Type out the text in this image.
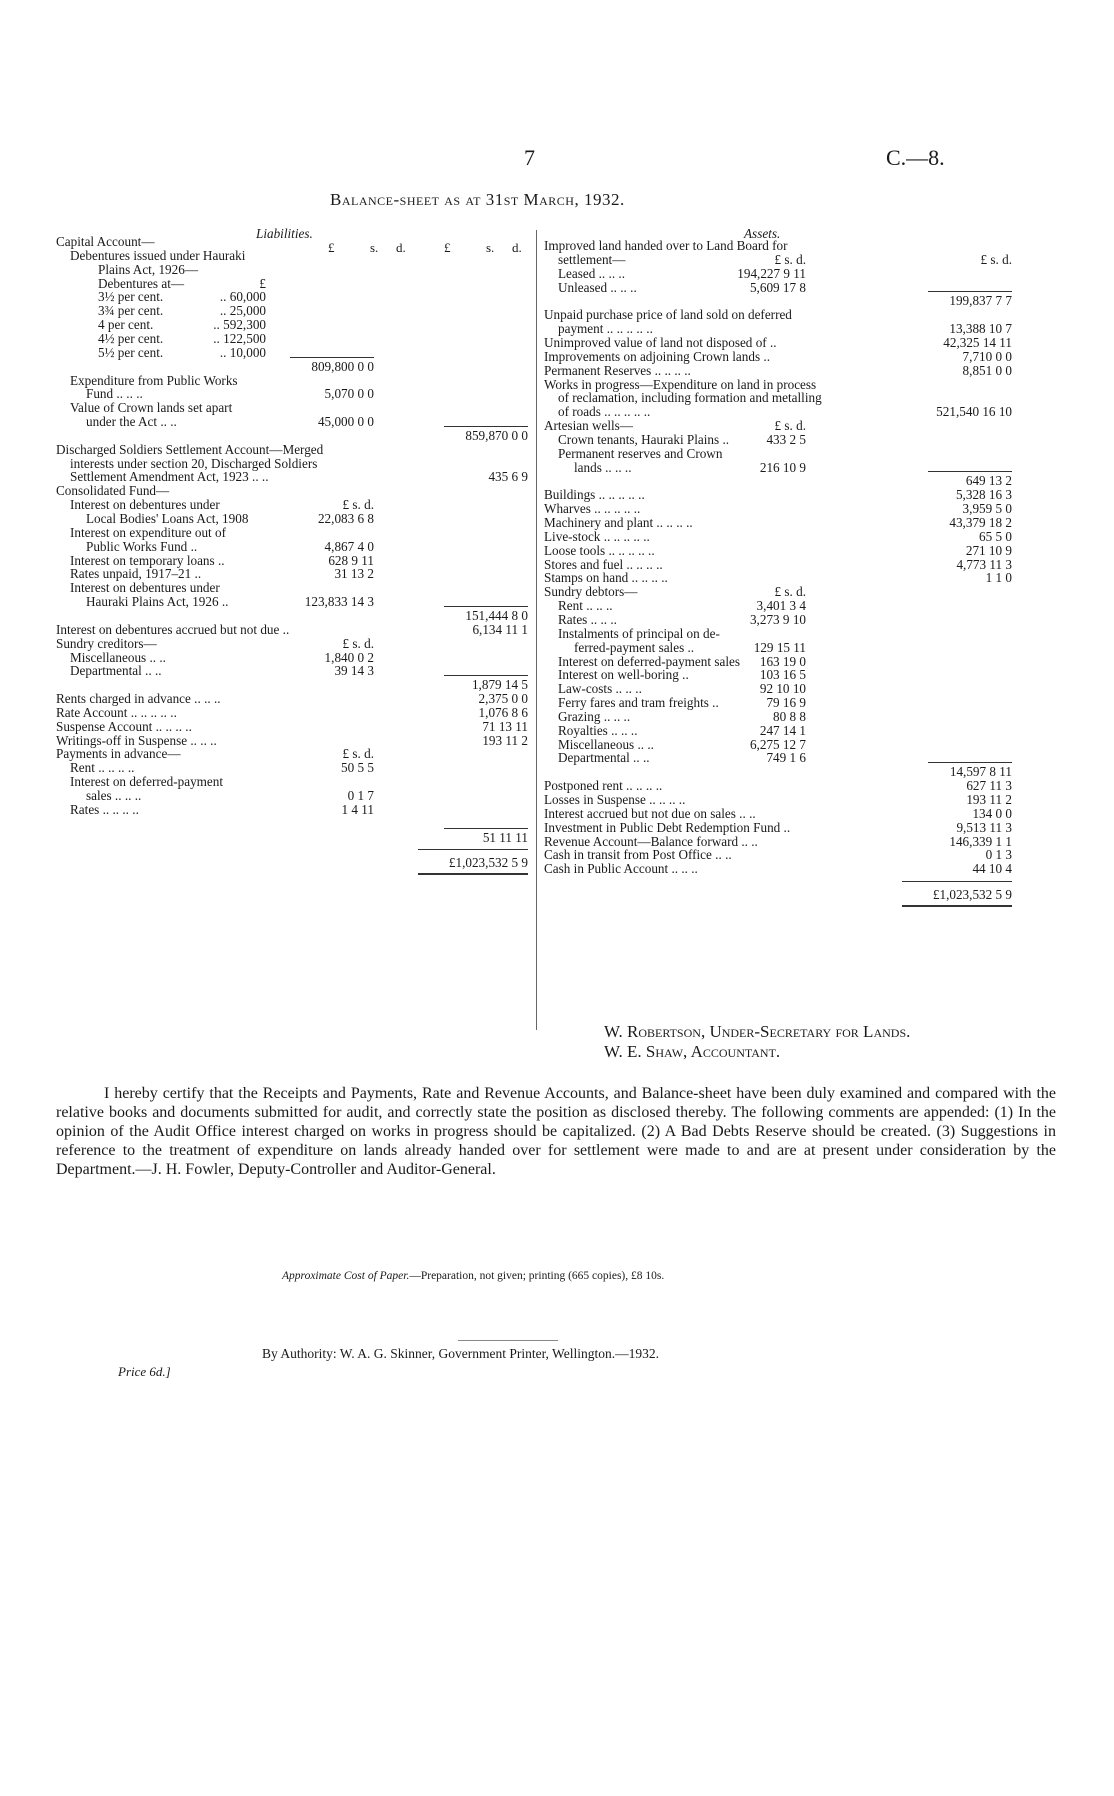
7	C.—8.
Balance-sheet as at 31st March, 1932.
Liabilities.
£	s. d.	£	s. d.
Capital Account—
Debentures issued under Hauraki
Plains Act, 1926—
Debentures at—	£
3½ per cent.	.. 60,000
3¾ per cent.	.. 25,000
4 per cent.	.. 592,300
4½ per cent.	.. 122,500
5½ per cent.	.. 10,000
809,800 0 0
Expenditure from Public Works
Fund .. .. ..	5,070 0 0
Value of Crown lands set apart
under the Act .. ..	45,000 0 0
859,870 0 0
Discharged Soldiers Settlement Account—Merged
interests under section 20, Discharged Soldiers
Settlement Amendment Act, 1923 .. ..	435 6 9
Consolidated Fund—
Interest on debentures under	£ s. d.
Local Bodies' Loans Act, 1908	22,083 6 8
Interest on expenditure out of
Public Works Fund ..	4,867 4 0
Interest on temporary loans ..	628 9 11
Rates unpaid, 1917–21 ..	31 13 2
Interest on debentures under
Hauraki Plains Act, 1926 ..	123,833 14 3
151,444 8 0
Interest on debentures accrued but not due ..	6,134 11 1
Sundry creditors—	£ s. d.
Miscellaneous .. ..	1,840 0 2
Departmental .. ..	39 14 3
1,879 14 5
Rents charged in advance .. .. ..	2,375 0 0
Rate Account .. .. .. .. ..	1,076 8 6
Suspense Account .. .. .. ..	71 13 11
Writings-off in Suspense .. .. ..	193 11 2
Payments in advance—	£ s. d.
Rent .. .. .. ..	50 5 5
Interest on deferred-payment
sales .. .. ..	0 1 7
Rates .. .. .. ..	1 4 11
51 11 11
£1,023,532 5 9
Assets.
Improved land handed over to Land Board for
settlement—	£ s. d.	£ s. d.
Leased .. .. ..	194,227 9 11
Unleased .. .. ..	5,609 17 8
199,837 7 7
Unpaid purchase price of land sold on deferred
payment .. .. .. .. ..	13,388 10 7
Unimproved value of land not disposed of ..	42,325 14 11
Improvements on adjoining Crown lands ..	7,710 0 0
Permanent Reserves .. .. .. ..	8,851 0 0
Works in progress—Expenditure on land in process
of reclamation, including formation and metalling
of roads .. .. .. .. ..	521,540 16 10
Artesian wells—	£ s. d.
Crown tenants, Hauraki Plains ..	433 2 5
Permanent reserves and Crown
lands .. .. ..	216 10 9
649 13 2
Buildings .. .. .. .. ..	5,328 16 3
Wharves .. .. .. .. ..	3,959 5 0
Machinery and plant .. .. .. ..	43,379 18 2
Live-stock .. .. .. .. ..	65 5 0
Loose tools .. .. .. .. ..	271 10 9
Stores and fuel .. .. .. ..	4,773 11 3
Stamps on hand .. .. .. ..	1 1 0
Sundry debtors—	£ s. d.
Rent .. .. ..	3,401 3 4
Rates .. .. ..	3,273 9 10
Instalments of principal on de-
ferred-payment sales ..	129 15 11
Interest on deferred-payment sales 163 19 0
Interest on well-boring ..	103 16 5
Law-costs .. .. ..	92 10 10
Ferry fares and tram freights ..	79 16 9
Grazing .. .. ..	80 8 8
Royalties .. .. ..	247 14 1
Miscellaneous .. ..	6,275 12 7
Departmental .. ..	749 1 6
14,597 8 11
Postponed rent .. .. .. ..	627 11 3
Losses in Suspense .. .. .. ..	193 11 2
Interest accrued but not due on sales .. ..	134 0 0
Investment in Public Debt Redemption Fund ..	9,513 11 3
Revenue Account—Balance forward .. ..	146,339 1 1
Cash in transit from Post Office .. ..	0 1 3
Cash in Public Account .. .. ..	44 10 4
£1,023,532 5 9
W. Robertson, Under-Secretary for Lands.
W. E. Shaw, Accountant.
I hereby certify that the Receipts and Payments, Rate and Revenue Accounts, and Balance-sheet have been duly examined and compared with the relative books and documents submitted for audit, and correctly state the position as disclosed thereby. The following comments are appended: (1) In the opinion of the Audit Office interest charged on works in progress should be capitalized. (2) A Bad Debts Reserve should be created. (3) Suggestions in reference to the treatment of expenditure on lands already handed over for settlement were made to and are at present under consideration by the Department.—J. H. Fowler, Deputy-Controller and Auditor-General.
Approximate Cost of Paper.—Preparation, not given; printing (665 copies), £8 10s.
By Authority: W. A. G. Skinner, Government Printer, Wellington.—1932.
Price 6d.]
